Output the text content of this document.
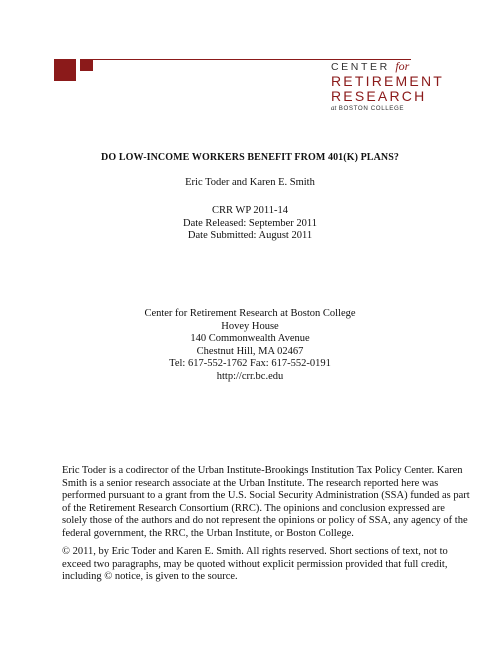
CENTER for
RETIREMENT
RESEARCH
at BOSTON COLLEGE
DO LOW-INCOME WORKERS BENEFIT FROM 401(K) PLANS?
Eric Toder and Karen E. Smith
CRR WP 2011-14
Date Released: September 2011
Date Submitted: August 2011
Center for Retirement Research at Boston College
Hovey House
140 Commonwealth Avenue
Chestnut Hill, MA 02467
Tel: 617-552-1762 Fax: 617-552-0191
http://crr.bc.edu
Eric Toder is a codirector of the Urban Institute-Brookings Institution Tax Policy Center. Karen
Smith is a senior research associate at the Urban Institute. The research reported here was
performed pursuant to a grant from the U.S. Social Security Administration (SSA) funded as part
of the Retirement Research Consortium (RRC). The opinions and conclusion expressed are
solely those of the authors and do not represent the opinions or policy of SSA, any agency of the
federal government, the RRC, the Urban Institute, or Boston College.
© 2011, by Eric Toder and Karen E. Smith. All rights reserved. Short sections of text, not to
exceed two paragraphs, may be quoted without explicit permission provided that full credit,
including © notice, is given to the source.
